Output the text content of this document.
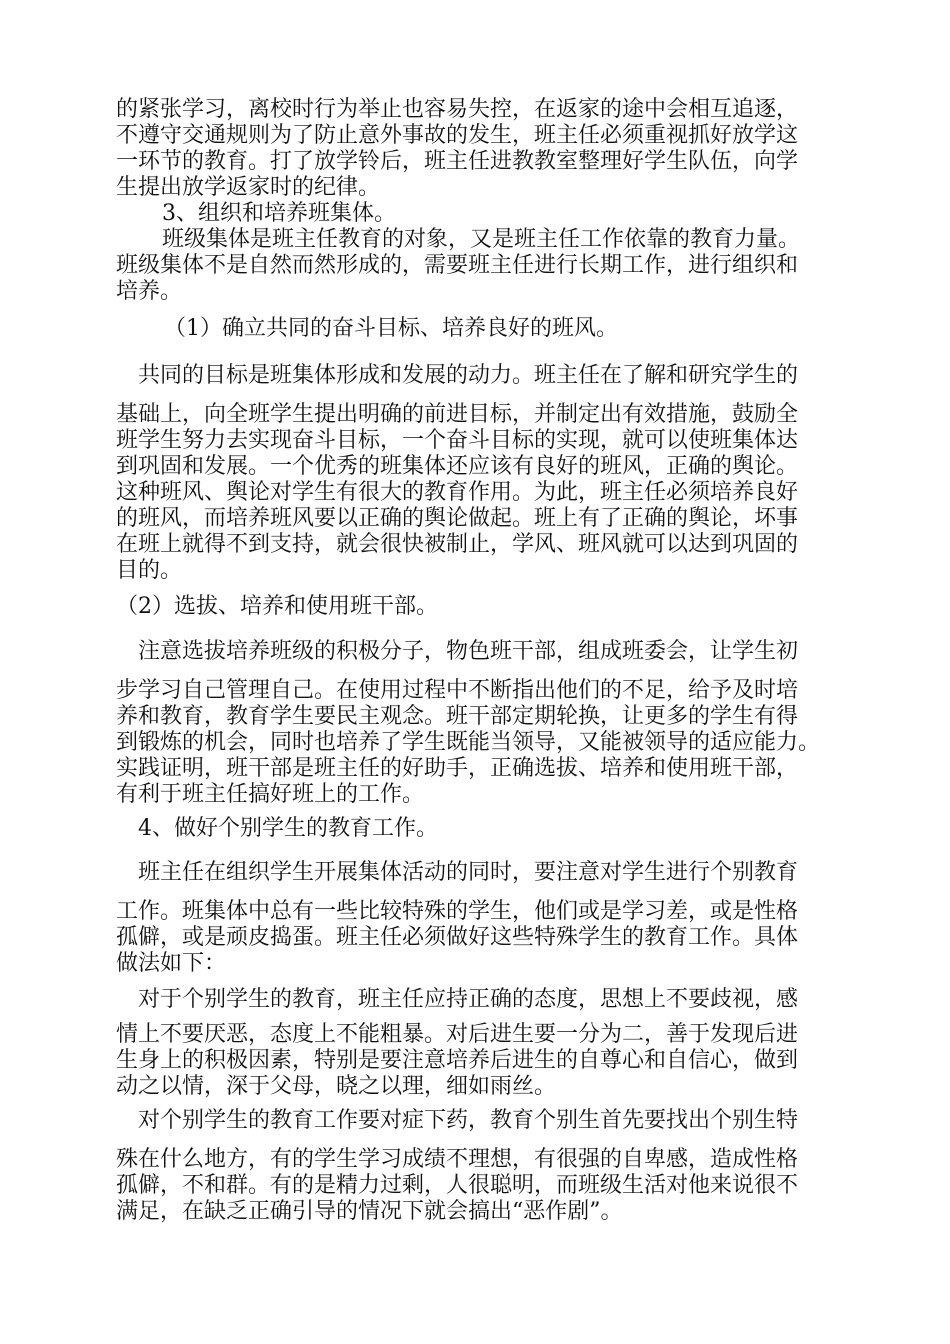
的紧张学习，离校时行为举止也容易失控，在返家的途中会相互追逐，
不遵守交通规则为了防止意外事故的发生，班主任必须重视抓好放学这
一环节的教育。打了放学铃后，班主任进教教室整理好学生队伍，向学
生提出放学返家时的纪律。
3、组织和培养班集体。
班级集体是班主任教育的对象，又是班主任工作依靠的教育力量。
班级集体不是自然而然形成的，需要班主任进行长期工作，进行组织和
培养。
（1）确立共同的奋斗目标、培养良好的班风。
共同的目标是班集体形成和发展的动力。班主任在了解和研究学生的
基础上，向全班学生提出明确的前进目标，并制定出有效措施，鼓励全
班学生努力去实现奋斗目标，一个奋斗目标的实现，就可以使班集体达
到巩固和发展。一个优秀的班集体还应该有良好的班风，正确的舆论。
这种班风、舆论对学生有很大的教育作用。为此，班主任必须培养良好
的班风，而培养班风要以正确的舆论做起。班上有了正确的舆论，坏事
在班上就得不到支持，就会很快被制止，学风、班风就可以达到巩固的
目的。
（2）选拔、培养和使用班干部。
注意选拔培养班级的积极分子，物色班干部，组成班委会，让学生初
步学习自己管理自己。在使用过程中不断指出他们的不足，给予及时培
养和教育，教育学生要民主观念。班干部定期轮换，让更多的学生有得
到锻炼的机会，同时也培养了学生既能当领导，又能被领导的适应能力。
实践证明，班干部是班主任的好助手，正确选拔、培养和使用班干部，
有利于班主任搞好班上的工作。
4、做好个别学生的教育工作。
班主任在组织学生开展集体活动的同时，要注意对学生进行个别教育
工作。班集体中总有一些比较特殊的学生，他们或是学习差，或是性格
孤僻，或是顽皮捣蛋。班主任必须做好这些特殊学生的教育工作。具体
做法如下：
对于个别学生的教育，班主任应持正确的态度，思想上不要歧视，感
情上不要厌恶，态度上不能粗暴。对后进生要一分为二，善于发现后进
生身上的积极因素，特别是要注意培养后进生的自尊心和自信心，做到
动之以情，深于父母，晓之以理，细如雨丝。
对个别学生的教育工作要对症下药，教育个别生首先要找出个别生特
殊在什么地方，有的学生学习成绩不理想，有很强的自卑感，造成性格
孤僻，不和群。有的是精力过剩，人很聪明，而班级生活对他来说很不
满足，在缺乏正确引导的情况下就会搞出“恶作剧”。
